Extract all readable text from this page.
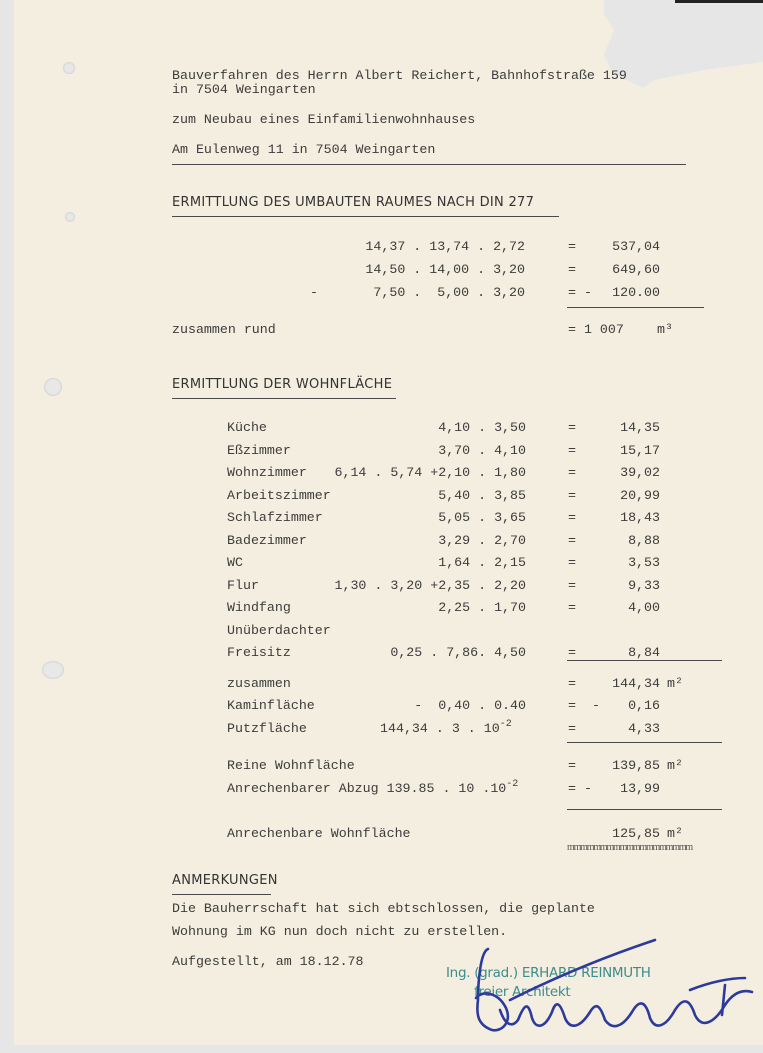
Bauverfahren des Herrn Albert Reichert, Bahnhofstraße 159
in 7504 Weingarten
zum Neubau eines Einfamilienwohnhauses
Am Eulenweg 11 in 7504 Weingarten
ERMITTLUNG DES UMBAUTEN RAUMES NACH DIN 277
14,37 . 13,74 . 2,72	=	537,04
14,50 . 14,00 . 3,20	=	649,60
-	7,50 .  5,00 . 3,20	= -	120.00
zusammen rund	= 1 007 m³
ERMITTLUNG DER WOHNFLÄCHE
Küche	4,10 . 3,50	=	14,35
Eßzimmer	3,70 . 4,10	=	15,17
Wohnzimmer	6,14 . 5,74 +2,10 . 1,80	=	39,02
Arbeitszimmer	5,40 . 3,85	=	20,99
Schlafzimmer	5,05 . 3,65	=	18,43
Badezimmer	3,29 . 2,70	=	8,88
WC	1,64 . 2,15	=	3,53
Flur	1,30 . 3,20 +2,35 . 2,20	=	9,33
Windfang	2,25 . 1,70	=	4,00
Unüberdachter
Freisitz	0,25 . 7,86. 4,50	=	8,84
zusammen	=	144,34 m²
Kaminfläche	-  0,40 . 0.40	=  -	0,16
Putzfläche	144,34 . 3 . $10^{-2}$	=	4,33
Reine Wohnfläche	=	139,85 m²
Anrechenbarer Abzug 139.85 . 10 $.10^{-2}$	= -	13,99
Anrechenbare Wohnfläche	125,85 m²
mmmmmmmmmmmmmmmmmmm
ANMERKUNGEN
Die Bauherrschaft hat sich ebtschlossen, die geplante
Wohnung im KG nun doch nicht zu erstellen.
Aufgestellt, am 18.12.78
Ing. (grad.) ERHARD REINMUTH
freier Architekt
